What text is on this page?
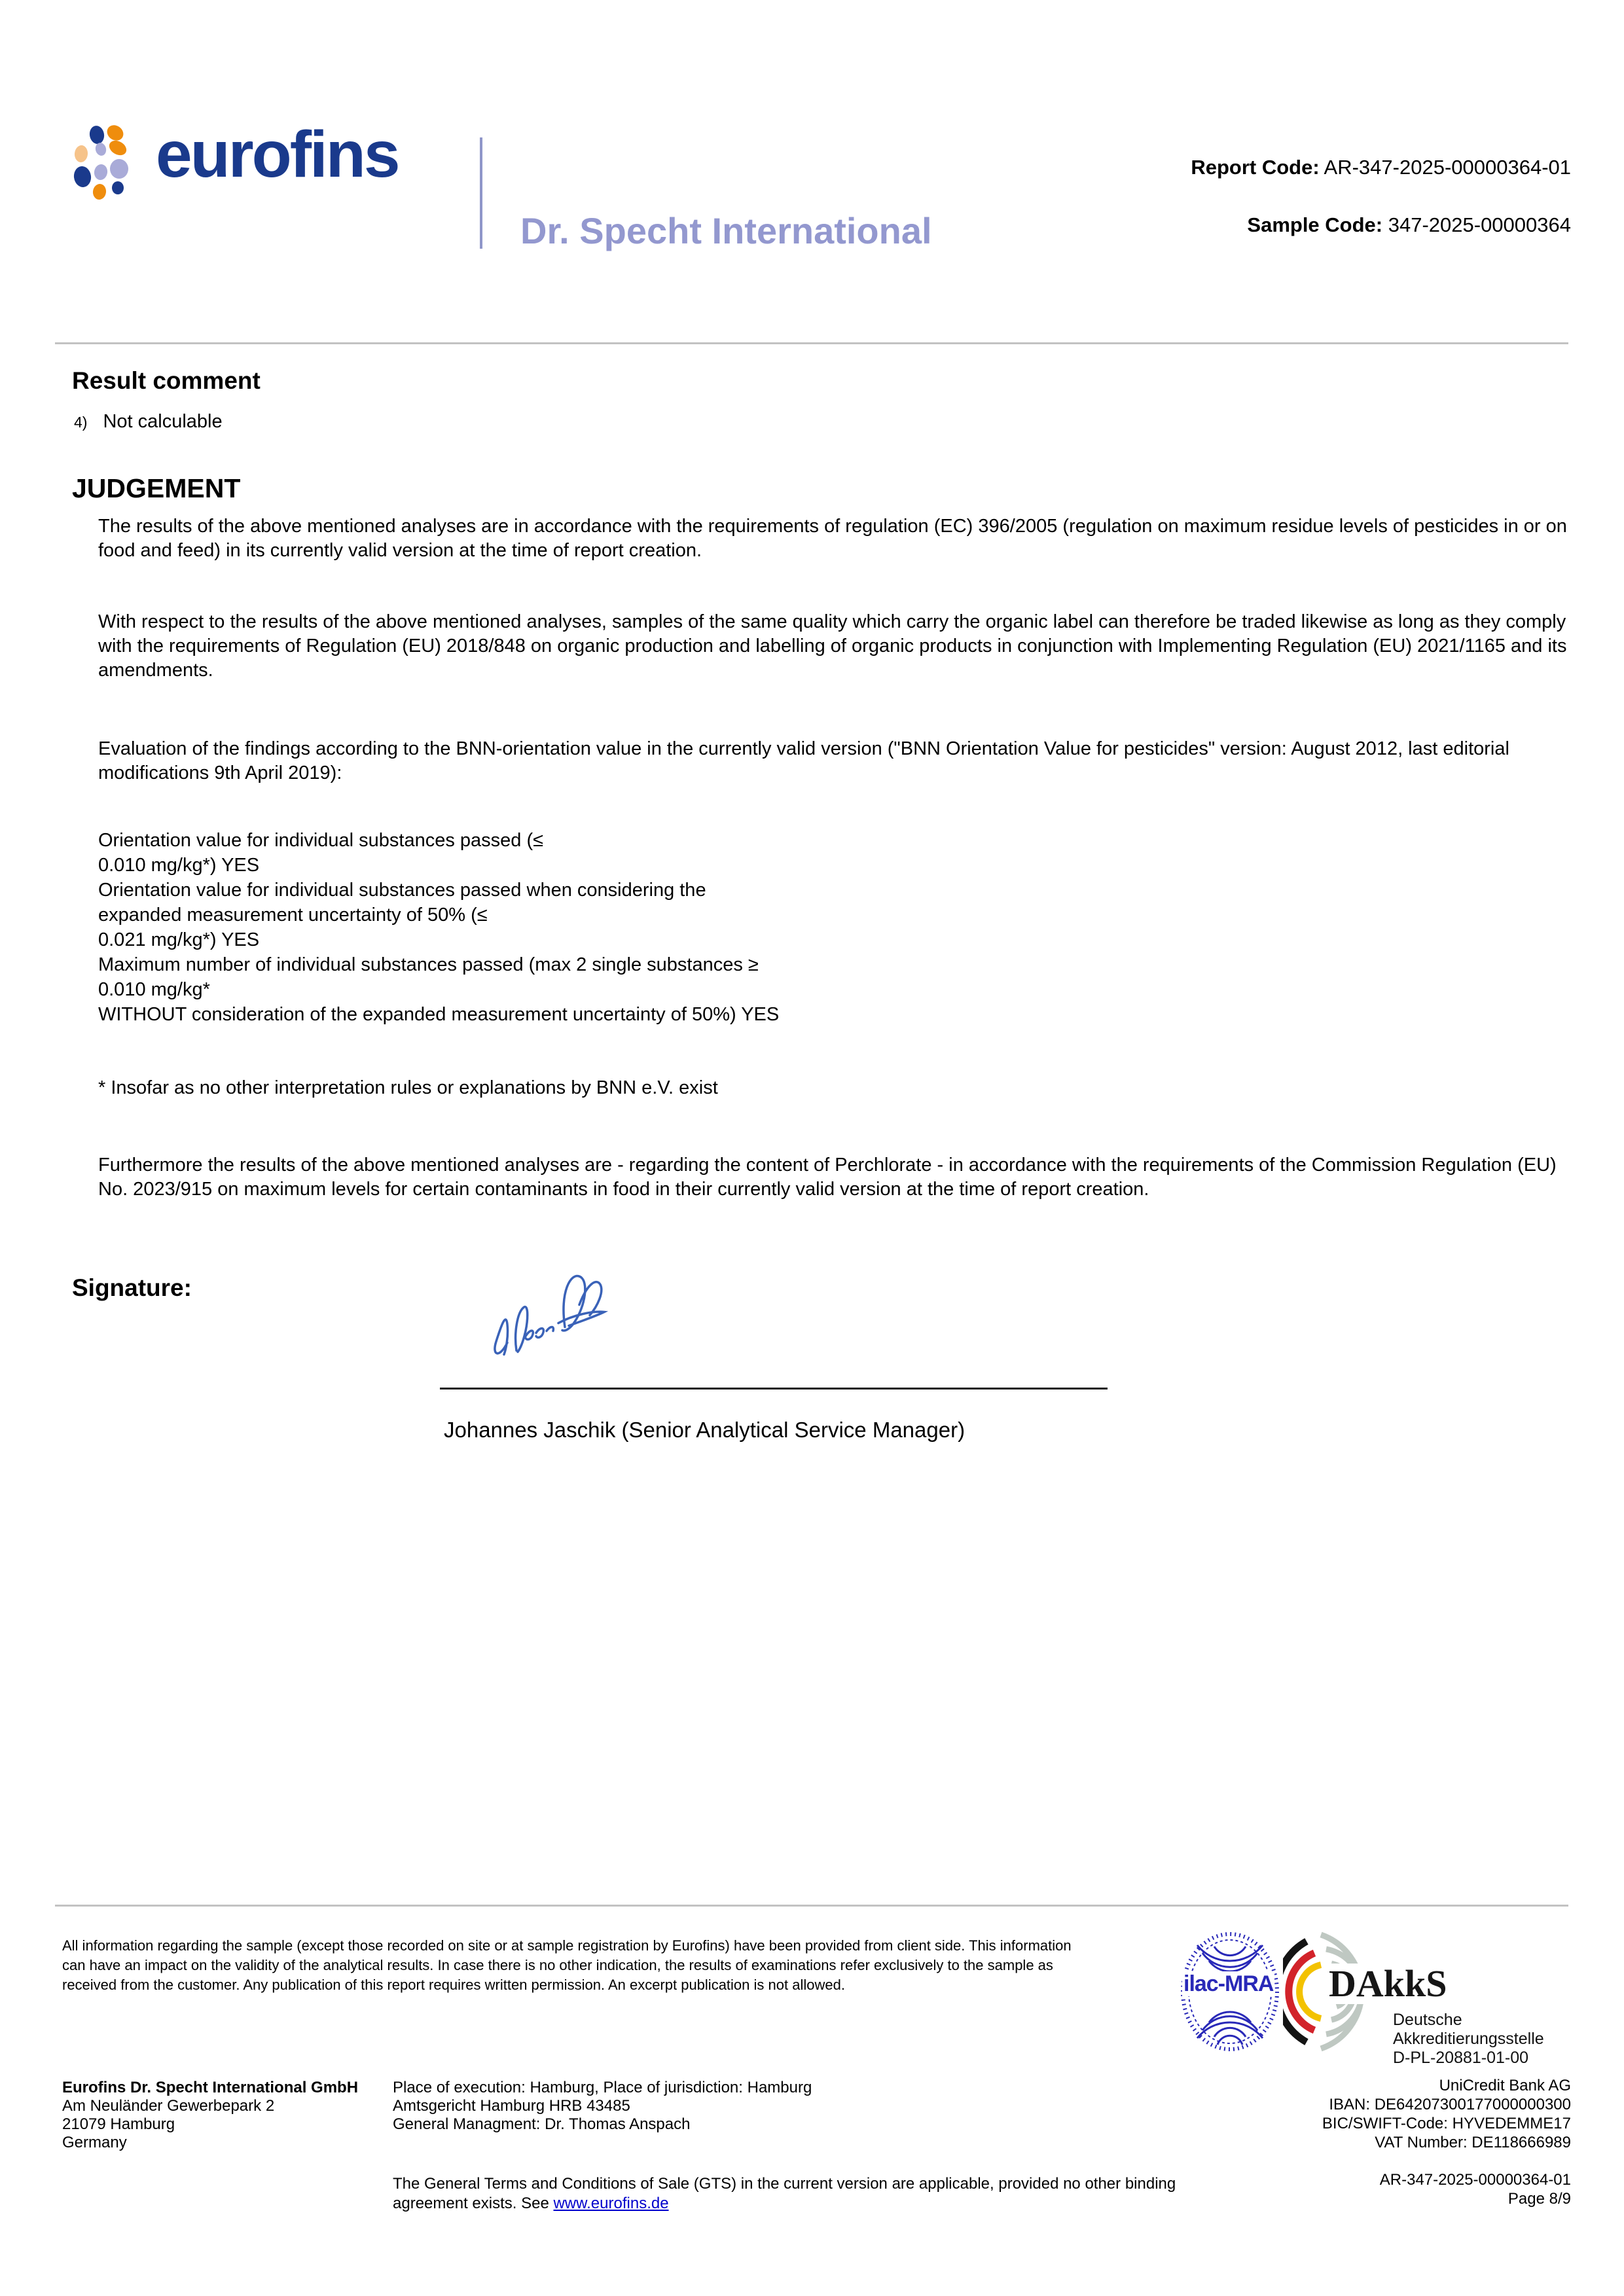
eurofins
Dr. Specht International
Report Code: AR-347-2025-00000364-01
Sample Code: 347-2025-00000364
Result comment
4) Not calculable
JUDGEMENT
The results of the above mentioned analyses are in accordance with the requirements of regulation (EC) 396/2005 (regulation on maximum residue levels of pesticides in or on food and feed) in its currently valid version at the time of report creation.
With respect to the results of the above mentioned analyses, samples of the same quality which carry the organic label can therefore be traded likewise as long as they comply with the requirements of Regulation (EU) 2018/848 on organic production and labelling of organic products in conjunction with Implementing Regulation (EU) 2021/1165 and its amendments.
Evaluation of the findings according to the BNN-orientation value in the currently valid version ("BNN Orientation Value for pesticides" version: August 2012, last editorial modifications 9th April 2019):
Orientation value for individual substances passed (≤
0.010 mg/kg*) YES
Orientation value for individual substances passed when considering the
expanded measurement uncertainty of 50% (≤
0.021 mg/kg*) YES
Maximum number of individual substances passed (max 2 single substances ≥
0.010 mg/kg*
WITHOUT consideration of the expanded measurement uncertainty of 50%) YES
* Insofar as no other interpretation rules or explanations by BNN e.V. exist
Furthermore the results of the above mentioned analyses are - regarding the content of Perchlorate - in accordance with the requirements of the Commission Regulation (EU) No. 2023/915 on maximum levels for certain contaminants in food in their currently valid version at the time of report creation.
Signature:
Johannes Jaschik (Senior Analytical Service Manager)
All information regarding the sample (except those recorded on site or at sample registration by Eurofins) have been provided from client side. This information can have an impact on the validity of the analytical results. In case there is no other indication, the results of examinations refer exclusively to the sample as received from the customer. Any publication of this report requires written permission. An excerpt publication is not allowed.	ilac-MRA DAkkS
Deutsche
Akkreditierungsstelle
D-PL-20881-01-00
Eurofins Dr. Specht International GmbH
Am Neuländer Gewerbepark 2
21079 Hamburg
Germany
Place of execution: Hamburg, Place of jurisdiction: Hamburg
Amtsgericht Hamburg HRB 43485
General Managment: Dr. Thomas Anspach
UniCredit Bank AG
IBAN: DE64207300177000000300
BIC/SWIFT-Code: HYVEDEMME17
VAT Number: DE118666989
The General Terms and Conditions of Sale (GTS) in the current version are applicable, provided no other binding agreement exists. See www.eurofins.de
AR-347-2025-00000364-01
Page 8/9
